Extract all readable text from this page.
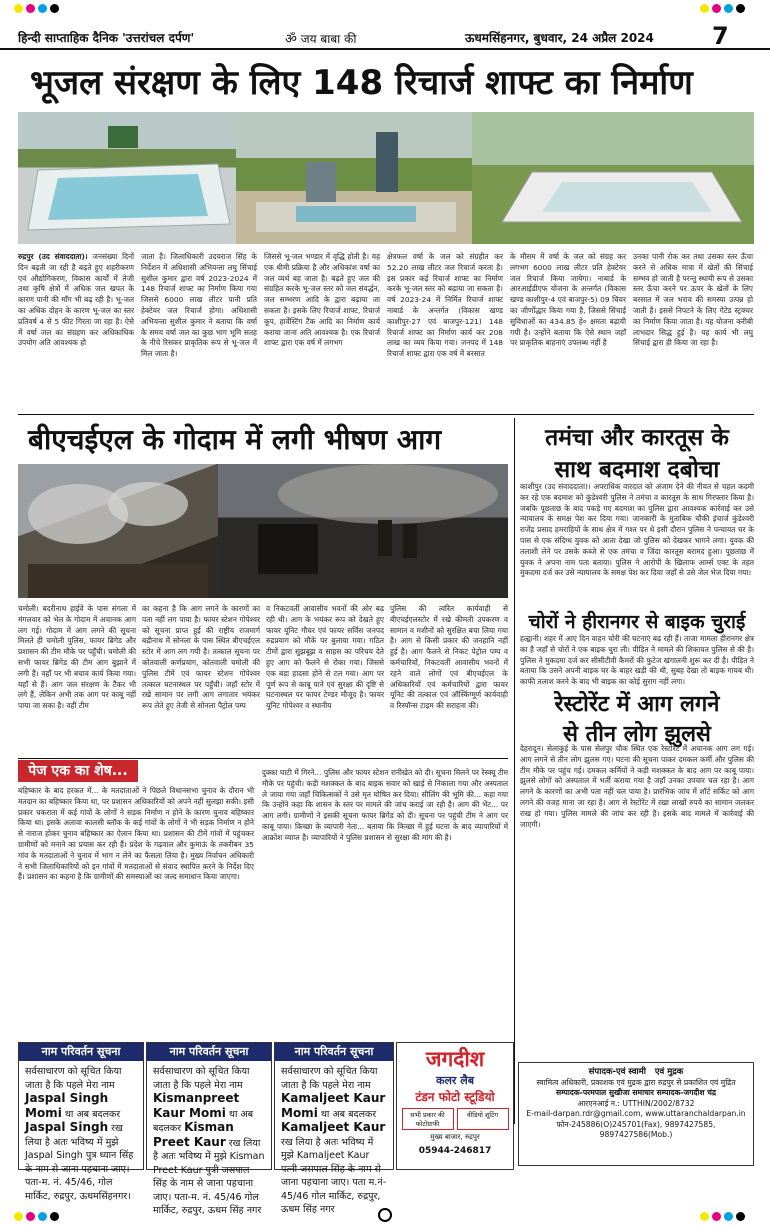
हिन्दी साप्ताहिक दैनिक 'उत्तरांचल दर्पण'	ॐ जय बाबा की	ऊधमसिंहनगर, बुधवार, 24 अप्रैल 2024 7
भूजल संरक्षण के लिए 148 रिचार्ज शाफ्ट का निर्माण

रुद्रपुर (उद संवाददाता)। जनसंख्या दिनों दिन बढ़ती जा रही है बढ़ते हुए शहरीकरण एवं औद्योगिकरण, विकास कार्यों में तेजी तथा कृषि क्षेत्रों में अधिक जल खपत के कारण पानी की माँग भी बढ़ रही है। भू-जल का अधिक दोहन के कारण भू-जल का स्तर प्रतिवर्ष 4 से 5 फीट गिरता जा रहा है। ऐसे में वर्षा जल का संग्रहण कर अधिकाधिक उपयोग अति आवश्यक हो

जाता है। जिलाधिकारी उदयराज सिंह के निर्देशन में अधिशासी अभियन्ता लघु सिंचाई सुशील कुमार द्वारा वर्ष 2023-2024 में 148 रिचार्ज शाफ्ट का निर्माण किया गया जिससे 6000 लाख लीटर पानी प्रति हेक्टेयर जल रिचार्ज होगा। अधिशासी अभियन्ता सुशील कुमार ने बताया कि वर्षा के समय वर्षा जल का कुछ भाग भूमि सतह के नीचे रिसकर प्राकृतिक रूप से भू-जल में मिल जाता है।
जिससे भू-जल भण्डार में वृद्धि होती है। यह एक धीमी प्रक्रिया है और अधिकांश वर्षा का जल व्यर्थ बह जाता है। बढ़ते हुए जल की संग्रहित करके भू-जल स्तर को जल संवर्द्धन, जल सम्भरण आदि के द्वारा बढ़ाया जा सकता है। इसके लिए रिचार्ज शाफ्ट, रिचार्ज कूप, हार्वेस्टिंग टैंक आदि का निर्माण कार्य कराया जाना अति आवश्यक है। एक रिचार्ज शाफ्ट द्वारा एक वर्ष में लगभग
क्षेत्रफल वर्षा के जल को संग्रहीत कर 52.20 लाख लीटर जल रिचार्ज करता है। इस प्रकार कई रिचार्ज शाफ्ट का निर्माण करके भू-जल स्तर को बढ़ाया जा सकता है। वर्ष 2023-24 में निर्मित रिचार्ज शाफ्ट नाबार्ड के अन्तर्गत (विकास खण्ड काशीपुर-27 एवं बाजपुर-121) 148 रिचार्ज शाफ्ट का निर्माण कार्य कर 208 लाख का व्यय किया गया। जनपद में 148 रिचार्ज शाफ्ट द्वारा एक वर्ष में बरसात
के मौसम में वर्षा के जल को संग्रह कर लगभग 6000 लाख लीटर प्रति हेक्टेयर जल रिचार्ज किया जायेगा। नाबार्ड के आरआईडीएफ योजना के अन्तर्गत (विकास खण्ड काशीपुर-4 एवं बाजपुर-5) 09 चियर का जीर्णोद्धार किया गया है, जिससे सिंचाई सुविधाओं का 434.85 हे० क्षमता बढ़ायी गयी है। उन्होंने बताया कि ऐसे स्थान जहाँ पर प्राकृतिक बाहनाएं उपलब्ध नहीं है
उनका पानी रोक कर तथा उसका स्तर ऊँचा करने से अधिक मात्रा में खेतों की सिंचाई सम्भव हो जाती है परन्तु स्थायी रूप से उसका स्तर ऊँचा करने पर ऊपर के खेतों के लिए बरसात में जल भराव की समस्या उत्पन्न हो जाती है। इससे निपटने के लिए गेटेड स्ट्रक्चर का निर्माण किया जाता है। यह योजना करीबी लाभदार सिद्ध हुई है। यह कार्य भी लघु सिंचाई द्वारा ही किया जा रहा है।
बीएचईएल के गोदाम में लगी भीषण आग
चमोली। बदरीनाथ हाईवे के पास संगला में मंगलवार को भेल के गोदाम में अचानक आग लग गई। गोदाम में आग लगने की सूचना मिलते ही चमोली पुलिस, फायर ब्रिगेड और प्रशासन की टीम मौके पर पहुँची। चमोली की सभी फायर ब्रिगेड की टीम आग बुझाने में लगी हैं। वहाँ पर भी बचाव कार्य किया गया। यहाँ से हैं। आग जल संरक्षण के टैंकर भी लगे हैं, लेकिन अभी तक आग पर काबू नहीं पाया जा सका है। वहीं टीम
का कहना है कि आग लगने के कारणों का पता नहीं लग पाया है। फायर स्टेशन गोपेश्वर को सूचना प्राप्त हुई की राष्ट्रीय राजमार्ग बद्रीनाथ में सोनला के पास स्थित बीएचईएल स्टोर में आग लग गयी है। तत्काल सूचना पर कोतवाली कर्णप्रयाग, कोतवाली चमोली की पुलिस टीमें एवं फायर स्टेशन गोपेश्वर तत्काल घटनास्थल पर पहुँची। जहाँ स्टोर में रखे सामान पर लगी आग लगातार भयंकर रूप लेते हुए तेजी से सोनला पैट्रोल पम्प
व निकटवर्ती आवासीय भवनों की ओर बढ़ रही थी। आग के भयंकर रूप को देखते हुए फायर यूनिट गौचर एवं फायर सर्विस जनपद रुद्रप्रयाग को मौके पर बुलाया गया। गठित टीमों द्वारा सुझबूझ व साहस का परिचय देते हुए आग को फैलने से रोका गया। जिससे एक बड़ा हादसा होने से टल गया। आग पर पूर्ण रूप से काबू पाने एवं सुरक्षा की दृष्टि से घटनास्थल पर फायर टेण्डर मौजूद है। फायर यूनिट गोपेश्वर व स्थानीय
पुलिस की त्वरित कार्यवाही से बीएचईएलस्टोर में रखे कीमती उपकरण व सामान व मशीनों को सुरक्षित बचा लिया गया है। आग से किसी प्रकार की जनहानि नहीं हुई है। आग फैलने से निकट पेट्रोल पम्प व कर्मचारियों, निकटवर्ती आवासीय भवनों में रहने वाले लोगों एवं बीएचईएल के अधिकारियों एवं कर्मचारियों द्वारा फायर यूनिट की तत्काल एवं ऑस्किंग्मूर्ण कार्यवाही व रिस्पॉन्स टाइम की सराहना की।
तमंचा और कारतूस के
साथ बदमाश दबोचा
काशीपुर (उद संवाददाता)। अपराधिक वारदात को अंजाम देने की नीयत से चहल कदमी कर रहे एक बदमाश को कुंडेश्वरी पुलिस ने तमंचा व कारतूस के साथ गिरफ्तार किया है। जबकि पूछताछ के बाद पकड़े गए बदमाश का पुलिस द्वारा आवश्यक कार्रवाई कर उसे न्यायालय के समक्ष पेश कर दिया गया। जानकारी के मुताबिक चौकी इंचार्ज कुंडेश्वरी राजेंद्र प्रसाद हमराहियों के साथ क्षेत्र में गश्त पर थे इसी दौरान पुलिस ने पन्चायत घर के पास से एक संदिग्ध युवक को आता देखा जो पुलिस को देखकर भागने लगा। युवक की तलाशी लेने पर उसके कब्जे से एक तमंचा व जिंदा कारतूस बरामद हुआ। पूछताछ में युवक ने अपना नाम पता बताया। पुलिस ने आरोपी के खिलाफ आर्म्स एक्ट के तहत मुकदमा दर्ज कर उसे न्यायालय के समक्ष पेश कर दिया जहाँ से उसे जेल भेज दिया गया।
चोरों ने हीरानगर से बाइक चुराई
हल्द्वानी। शहर में आए दिन वाहन चोरी की घटनाएं बढ़ रही हैं। ताजा मामला हीरानगर क्षेत्र का है जहाँ से चोरों ने एक बाइक चुरा ली। पीड़ित ने मामले की शिकायत पुलिस से की है। पुलिस ने मुकदमा दर्ज कर सीसीटीवी कैमरों की फुटेज खंगालनी शुरू कर दी है। पीड़ित ने बताया कि उसने अपनी बाइक घर के बाहर खड़ी की थी, सुबह देखा तो बाइक गायब थी। काफी तलाश करने के बाद भी बाइक का कोई सुराग नहीं लगा।
रेस्टोरेंट में आग लगने
से तीन लोग झुलसे
देहरादून। सेलाकुई के पास सेलपुर चौक स्थित एक रेस्टोरेंट में अचानक आग लग गई। आग लगने से तीन लोग झुलस गए। घटना की सूचना पाकर दमकल कर्मी और पुलिस की टीम मौके पर पहुंच गई। दमकल कर्मियों ने कड़ी मशक्कत के बाद आग पर काबू पाया। झुलसे लोगों को अस्पताल में भर्ती कराया गया है जहाँ उनका उपचार चल रहा है। आग लगने के कारणों का अभी पता नहीं चल पाया है। प्रारंभिक जांच में शॉर्ट सर्किट को आग लगने की वजह माना जा रहा है। आग से रेस्टोरेंट में रखा लाखों रुपये का सामान जलकर राख हो गया। पुलिस मामले की जांच कर रही है। इसके बाद मामले में कार्रवाई की जाएगी।
पेज एक का शेष...
बहिष्कार के बाद हरकत में... के मतदाताओं ने पिछले विधानसभा चुनाव के दौरान भी मतदान का बहिष्कार किया था, पर प्रशासन अधिकारियों को अपने नहीं सुलझा सकी। इसी प्रकार चकराता में कई गांवों के लोगों ने सड़क निर्माण न होने के कारण चुनाव बहिष्कार किया था। इसके अलावा कालसी ब्लॉक के कई गांवों के लोगों ने भी सड़क निर्माण न होने से नाराज होकर चुनाव बहिष्कार का ऐलान किया था। प्रशासन की टीमें गांवों में पहुंचकर ग्रामीणों को मनाने का प्रयास कर रही हैं। प्रदेश के गढ़वाल और कुमाऊं के तकरीबन 35 गांव के मतदाताओं ने चुनाव में भाग न लेने का फैसला लिया है। मुख्य निर्वाचन अधिकारी ने सभी जिलाधिकारियों को इन गांवों में मतदाताओं से संवाद स्थापित करने के निर्देश दिए हैं। प्रशासन का कहना है कि ग्रामीणों की समस्याओं का जल्द समाधान किया जाएगा।
दुक्का घाटी में गिरने... पुलिस और फायर स्टेशन रानीखेत को दी। सूचना मिलने पर रेस्क्यू टीम मौके पर पहुंची। कड़ी मशक्कत के बाद बाइक सवार को खाई से निकाला गया और अस्पताल ले जाया गया जहाँ चिकित्सकों ने उसे मृत घोषित कर दिया। सीलिंग की भूमि की... कहा गया कि उन्होंने कहा कि शासन के स्तर पर मामले की जांच कराई जा रही है। आग की भेंट... पर आग लगी। ग्रामीणों ने इसकी सूचना फायर ब्रिगेड को दी। सूचना पर पहुंची टीम ने आग पर काबू पाया। किच्छा के व्यापारी नेता... बताया कि किच्छा में हुई घटना के बाद व्यापारियों में आक्रोश व्याप्त है। व्यापारियों ने पुलिस प्रशासन से सुरक्षा की मांग की है।
नाम परिवर्तन सूचना
सर्वसाधारण को सूचित किया जाता है कि पहले मेरा नाम Jaspal Singh Momi था अब बदलकर Jaspal Singh रख लिया है अतः भविष्य में मुझे Jaspal Singh पुत्र ध्यान सिंह के नाम से जाना पहचाना जाए। पता-म. नं. 45/46, गोल मार्किट, रुद्रपुर, ऊधमसिंहनगर।
नाम परिवर्तन सूचना
सर्वसाधारण को सूचित किया जाता है कि पहले मेरा नाम Kismanpreet Kaur Momi था अब बदलकर Kisman Preet Kaur रख लिया है अतः भविष्य में मुझे Kisman Preet Kaur पुत्री जसपाल सिंह के नाम से जाना पहचाना जाए। पता-म. नं. 45/46 गोल मार्किट, रुद्रपुर, ऊधम सिंह नगर
नाम परिवर्तन सूचना
सर्वसाधारण को सूचित किया जाता है कि पहले मेरा नाम Kamaljeet Kaur Momi था अब बदलकर Kamaljeet Kaur रख लिया है अतः भविष्य में मुझे Kamaljeet Kaur पत्नी जसपाल सिंह के नाम से जाना पहचाना जाए। पता म.नं- 45/46 गोल मार्किट, रुद्रपुर, ऊधम सिंह नगर
जगदीश
कलर लैब
टंडन फोटो स्टूडियो
सभी प्रकार की फोटोग्राफी
वीडियो शूटिंग
मुख्य बाजार, रुद्रपुर
05944-246817
संपादक-एवं स्वामी एवं मुद्रक
स्वामित्व अधिकारी, प्रकाशक एवं मुद्रक द्वारा रुद्रपुर से प्रकाशित एवं मुद्रित
सम्पादक-परमपाल सुखीजा समाचार सम्पादक-जगदीश चंद्र
आरएनआई न.: UTTHIN/2002/8732
E-mail-darpan.rdr@gmail.com, www.uttaranchaldarpan.in
फोन-245886(O)245701(Fax), 9897427585, 9897427586(Mob.)
